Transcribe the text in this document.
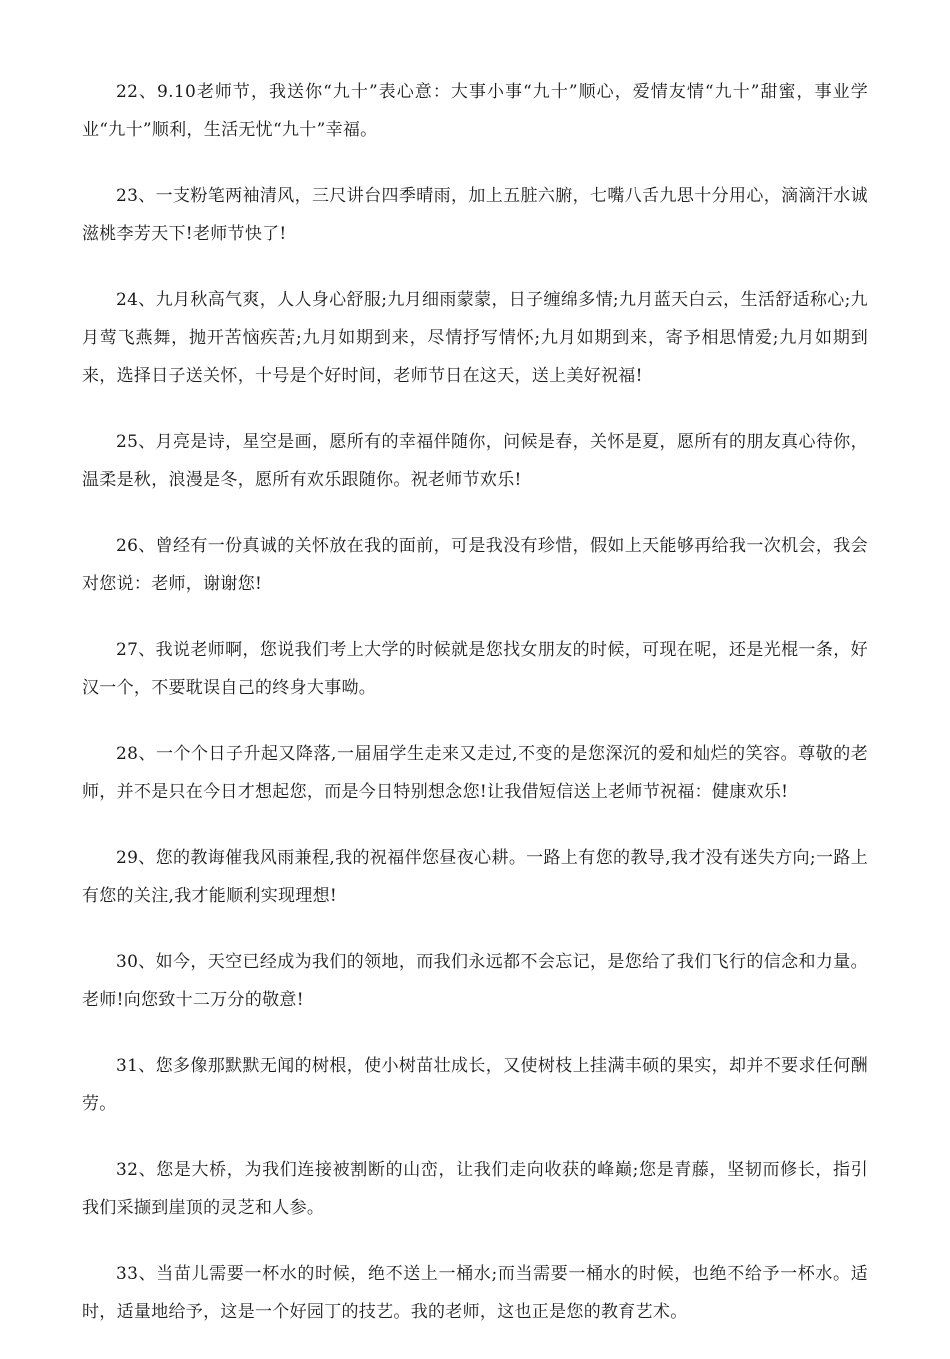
22、9.10老师节，我送你“九十”表心意：大事小事“九十”顺心，爱情友情“九十”甜蜜，事业学业“九十”顺利，生活无忧“九十”幸福。

23、一支粉笔两袖清风，三尺讲台四季晴雨，加上五脏六腑，七嘴八舌九思十分用心，滴滴汗水诚滋桃李芳天下!老师节快了!

24、九月秋高气爽，人人身心舒服;九月细雨蒙蒙，日子缠绵多情;九月蓝天白云，生活舒适称心;九月莺飞燕舞，抛开苦恼疾苦;九月如期到来，尽情抒写情怀;九月如期到来，寄予相思情爱;九月如期到来，选择日子送关怀，十号是个好时间，老师节日在这天，送上美好祝福!

25、月亮是诗，星空是画，愿所有的幸福伴随你，问候是春，关怀是夏，愿所有的朋友真心待你，温柔是秋，浪漫是冬，愿所有欢乐跟随你。祝老师节欢乐!

26、曾经有一份真诚的关怀放在我的面前，可是我没有珍惜，假如上天能够再给我一次机会，我会对您说：老师，谢谢您!

27、我说老师啊，您说我们考上大学的时候就是您找女朋友的时候，可现在呢，还是光棍一条，好汉一个，不要耽误自己的终身大事呦。

28、一个个日子升起又降落,一届届学生走来又走过,不变的是您深沉的爱和灿烂的笑容。尊敬的老师，并不是只在今日才想起您，而是今日特别想念您!让我借短信送上老师节祝福：健康欢乐!

29、您的教诲催我风雨兼程,我的祝福伴您昼夜心耕。一路上有您的教导,我才没有迷失方向;一路上有您的关注,我才能顺利实现理想!

30、如今，天空已经成为我们的领地，而我们永远都不会忘记，是您给了我们飞行的信念和力量。老师!向您致十二万分的敬意!

31、您多像那默默无闻的树根，使小树苗壮成长，又使树枝上挂满丰硕的果实，却并不要求任何酬劳。

32、您是大桥，为我们连接被割断的山峦，让我们走向收获的峰巅;您是青藤，坚韧而修长，指引我们采撷到崖顶的灵芝和人参。

33、当苗儿需要一杯水的时候，绝不送上一桶水;而当需要一桶水的时候，也绝不给予一杯水。适时，适量地给予，这是一个好园丁的技艺。我的老师，这也正是您的教育艺术。
